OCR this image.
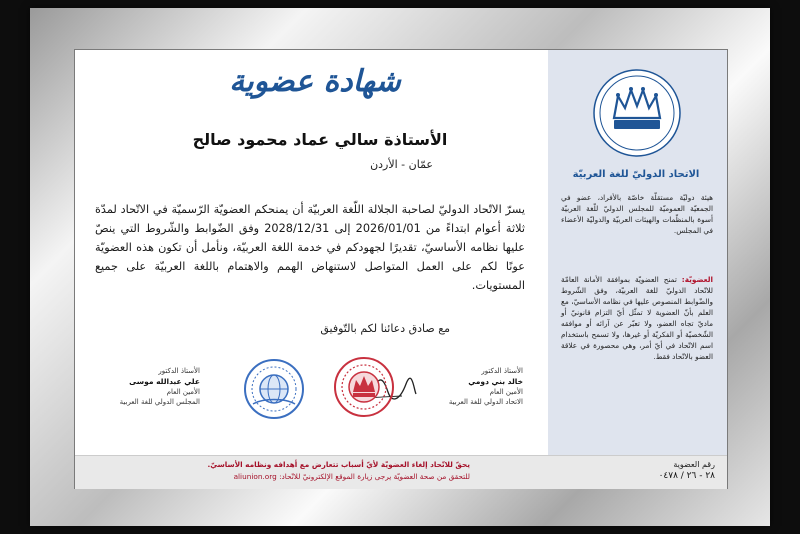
شهادة عضوية
الأستاذة سالي عماد محمود صالح
عمّان - الأردن
يسرّ الاتّحاد الدوليّ لصاحبة الجلالة اللّغة العربيّة أن يمنحكم العضويّة الرّسميّة في الاتّحاد لمدّة ثلاثة أعوام ابتداءً من 2026/01/01 إلى 2028/12/31 وفق الضّوابط والشّروط التي ينصّ عليها نظامه الأساسيّ، تقديرًا لجهودكم في خدمة اللغة العربيّة، ونأمل أن تكون هذه العضويّة عونًا لكم على العمل المتواصل لاستنهاض الهمم والاهتمام باللغة العربيّة على جميع المستويات.
مع صادق دعائنا لكم بالتّوفيق
الأستاذ الدكتور
خالد بني دومي
الأمين العام
الاتحاد الدولي للغة العربية
الأستاذ الدكتور
علي عبدالله موسى
الأمين العام
المجلس الدولي للغة العربية
الاتحاد الدوليّ للغة العربيّة
هيئة دوليّة مستقلّة خاصّة بالأفراد، عضو في الجمعيّة العموميّة للمجلس الدوليّ للّغة العربيّة أسوة بالمنظّمات والهيئات العربيّة والدوليّة الأعضاء في المجلس.
العضويّة: تمنح العضويّة بموافقة الأمانة العامّة للاتّحاد الدوليّ للغة العربيّة، وفق الشّروط والضّوابط المنصوص عليها في نظامه الأساسيّ، مع العلم بأنّ العضوية لا تمثّل أيّ التزام قانونيّ أو ماديّ تجاه العضو، ولا تعبّر عن آرائه أو موافقه الشّخصيّة أو الفكريّة أو غيرها، ولا تسمح باستخدام اسم الاتّحاد في أيّ أمر، وهي محصورة في علاقة العضو بالاتّحاد فقط.
رقم العضوية
٢٨ - ٢٦ / ٠٤٧٨
يحقّ للاتّحاد إلغاء العضويّة لأيّ أسباب تتعارض مع أهدافه ونظامه الأساسيّ.
للتحقق من صحة العضويّة يرجى زيارة الموقع الإلكترونيّ للاتّحاد: aliunion.org
